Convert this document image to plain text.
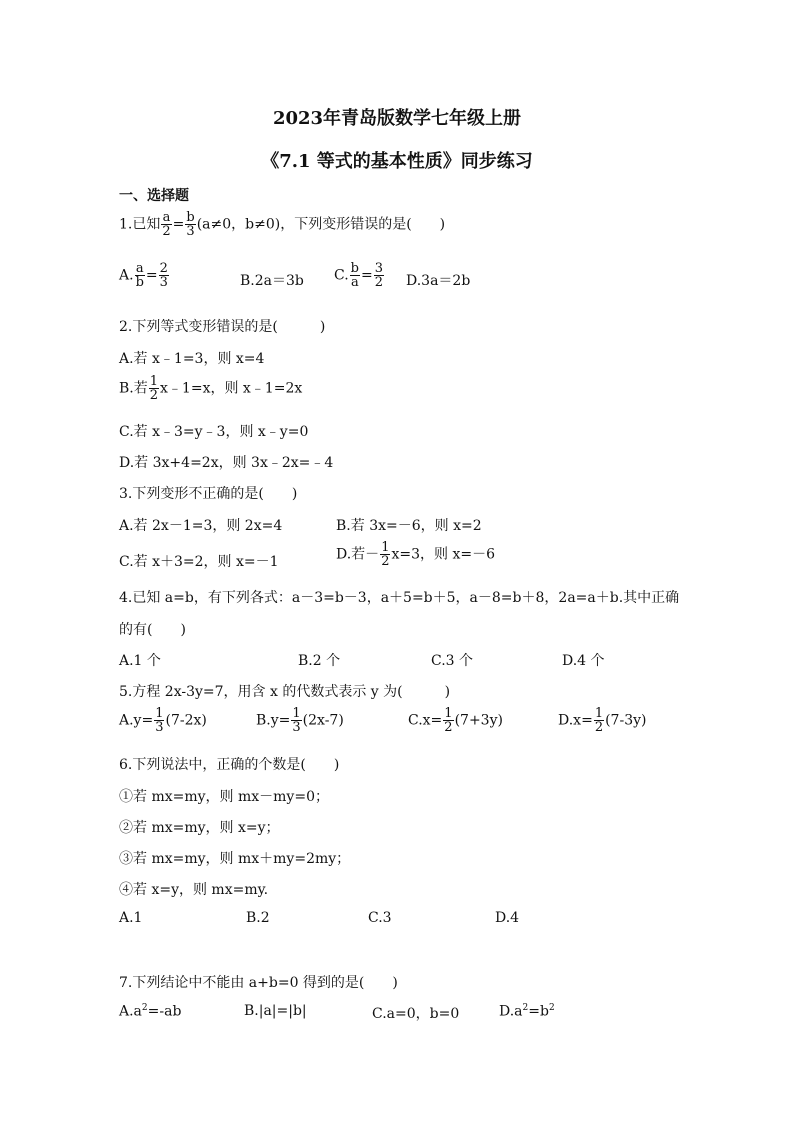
2023年青岛版数学七年级上册
《7.1 等式的基本性质》同步练习
一、选择题
1.已知 $\frac{a}{2} = \frac{b}{3} (a\ne 0$，b≠0)，下列变形错误的是(　　)
A. $\frac{a}{b} = \frac{2}{3}$	B.2a＝3b C. $\frac{b}{a} = \frac{3}{2} D.3a=2b$
2.下列等式变形错误的是(　　　)
A.若 x﹣1=3，则 x=4
B.若 $\frac{1}{2}$ x﹣1=x，则 x﹣1=2x
C.若 x﹣3=y﹣3，则 x﹣y=0
D.若 3x+4=2x，则 3x﹣2x=﹣4
3.下列变形不正确的是(　　)
A.若 2x－1=3，则 2x=4	B.若 3x=－6，则 x=2
C.若 x＋3=2，则 x=－1	D.若－ $\frac{1}{2} x=3$，则 x=－6
4.已知 a=b，有下列各式：a－3=b－3，a＋5=b＋5，a－8=b＋8，2a=a＋b.其中正确
的有(　　)
A.1 个	B.2 个	C.3 个	D.4 个
5.方程 2x-3y=7，用含 x 的代数式表示 y 为(　　　)
$A.y= \frac{1}{3} (7-2x)$	$B.y= \frac{1}{3} (2x-7)$	$C.x= \frac{1}{2} (7+3y)$	$D.x= \frac{1}{2} (7-3y)$
6.下列说法中，正确的个数是(　　)
①若 mx=my，则 mx－my=0；
②若 mx=my，则 x=y；
③若 mx=my，则 mx＋my=2my；
④若 x=y，则 mx=my.
A.1	B.2	C.3	D.4
7.下列结论中不能由 a+b=0 得到的是(　　)
$A.a^2=-ab$	B.|a|=|b|	C.a=0，b=0	$D.a^2=b^2$
